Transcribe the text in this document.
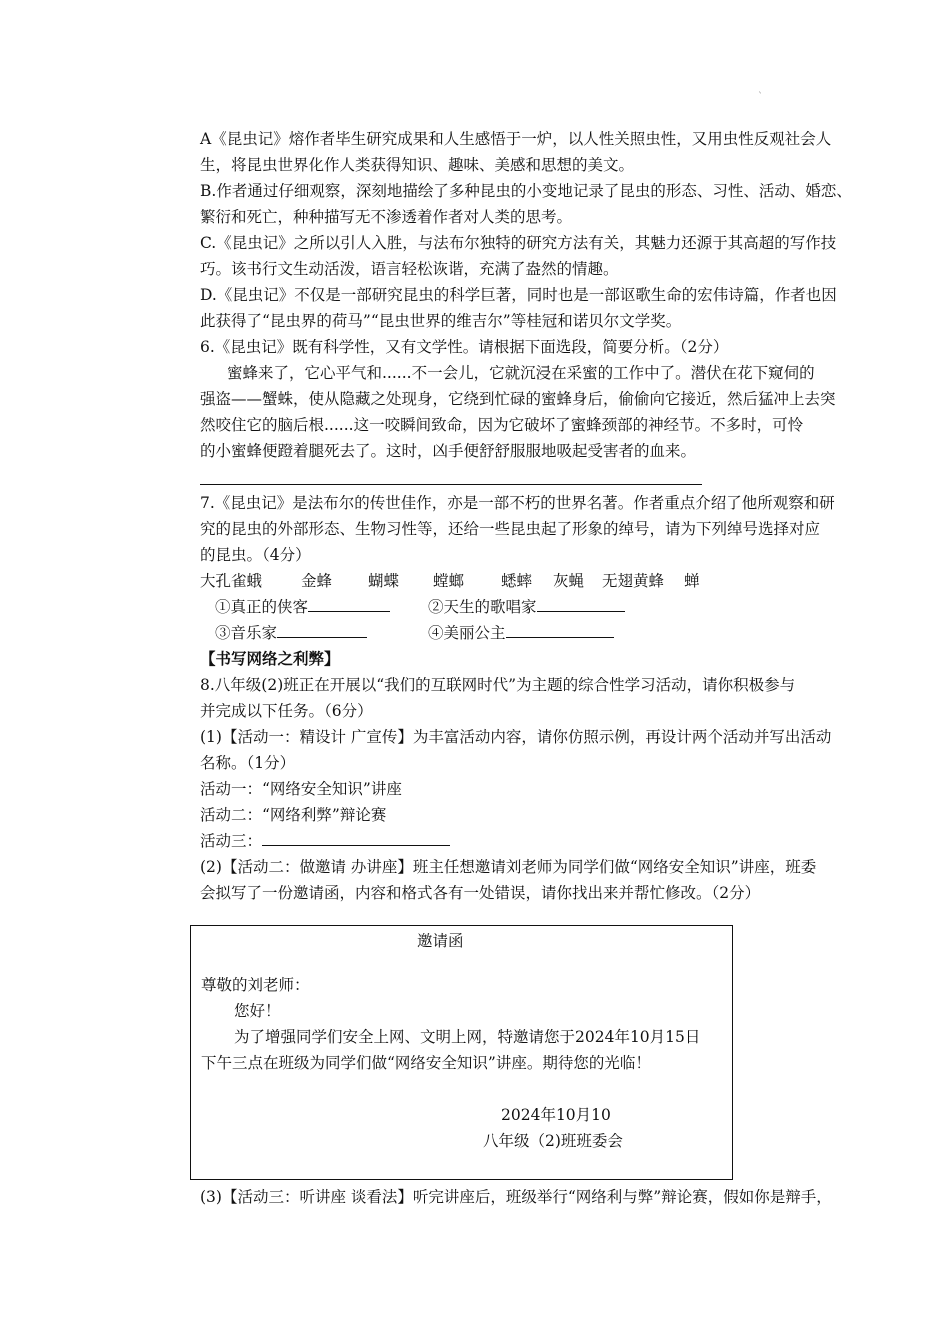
`
A《昆虫记》熔作者毕生研究成果和人生感悟于一炉，以人性关照虫性，又用虫性反观社会人
生，将昆虫世界化作人类获得知识、趣味、美感和思想的美文。
B.作者通过仔细观察，深刻地描绘了多种昆虫的小变地记录了昆虫的形态、习性、活动、婚恋、
繁衍和死亡，种种描写无不渗透着作者对人类的思考。
C.《昆虫记》之所以引人入胜，与法布尔独特的研究方法有关，其魅力还源于其高超的写作技
巧。该书行文生动活泼，语言轻松诙谐，充满了盎然的情趣。
D.《昆虫记》不仅是一部研究昆虫的科学巨著，同时也是一部讴歌生命的宏伟诗篇，作者也因
此获得了“昆虫界的荷马”“昆虫世界的维吉尔”等桂冠和诺贝尔文学奖。
6.《昆虫记》既有科学性，又有文学性。请根据下面选段，简要分析。（2分）
蜜蜂来了，它心平气和......不一会儿，它就沉浸在采蜜的工作中了。潜伏在花下窥伺的
强盗——蟹蛛，使从隐藏之处现身，它绕到忙碌的蜜蜂身后，偷偷向它接近，然后猛冲上去突
然咬住它的脑后根......这一咬瞬间致命，因为它破坏了蜜蜂颈部的神经节。不多时，可怜
的小蜜蜂便蹬着腿死去了。这时，凶手便舒舒服服地吸起受害者的血来。
7.《昆虫记》是法布尔的传世佳作，亦是一部不朽的世界名著。作者重点介绍了他所观察和研
究的昆虫的外部形态、生物习性等，还给一些昆虫起了形象的绰号，请为下列绰号选择对应
的昆虫。（4分）
大孔雀蛾	金蜂 蝴蝶 螳螂 蟋蟀 灰蝇 无翅黄蜂 蝉
①真正的侠客	②天生的歌唱家
③音乐家	④美丽公主
【书写网络之利弊】
8.八年级(2)班正在开展以“我们的互联网时代”为主题的综合性学习活动，请你积极参与
并完成以下任务。（6分）
(1)【活动一：精设计 广宣传】为丰富活动内容，请你仿照示例，再设计两个活动并写出活动
名称。（1分）
活动一：“网络安全知识”讲座
活动二：“网络利弊”辩论赛
活动三：
(2)【活动二：做邀请 办讲座】班主任想邀请刘老师为同学们做“网络安全知识”讲座，班委
会拟写了一份邀请函，内容和格式各有一处错误，请你找出来并帮忙修改。（2分）
邀请函
尊敬的刘老师：
您好！
为了增强同学们安全上网、文明上网，特邀请您于2024年10月15日
下午三点在班级为同学们做“网络安全知识”讲座。期待您的光临！
2024年10月10
八年级（2)班班委会
(3)【活动三：听讲座 谈看法】听完讲座后，班级举行“网络利与弊”辩论赛，假如你是辩手，
